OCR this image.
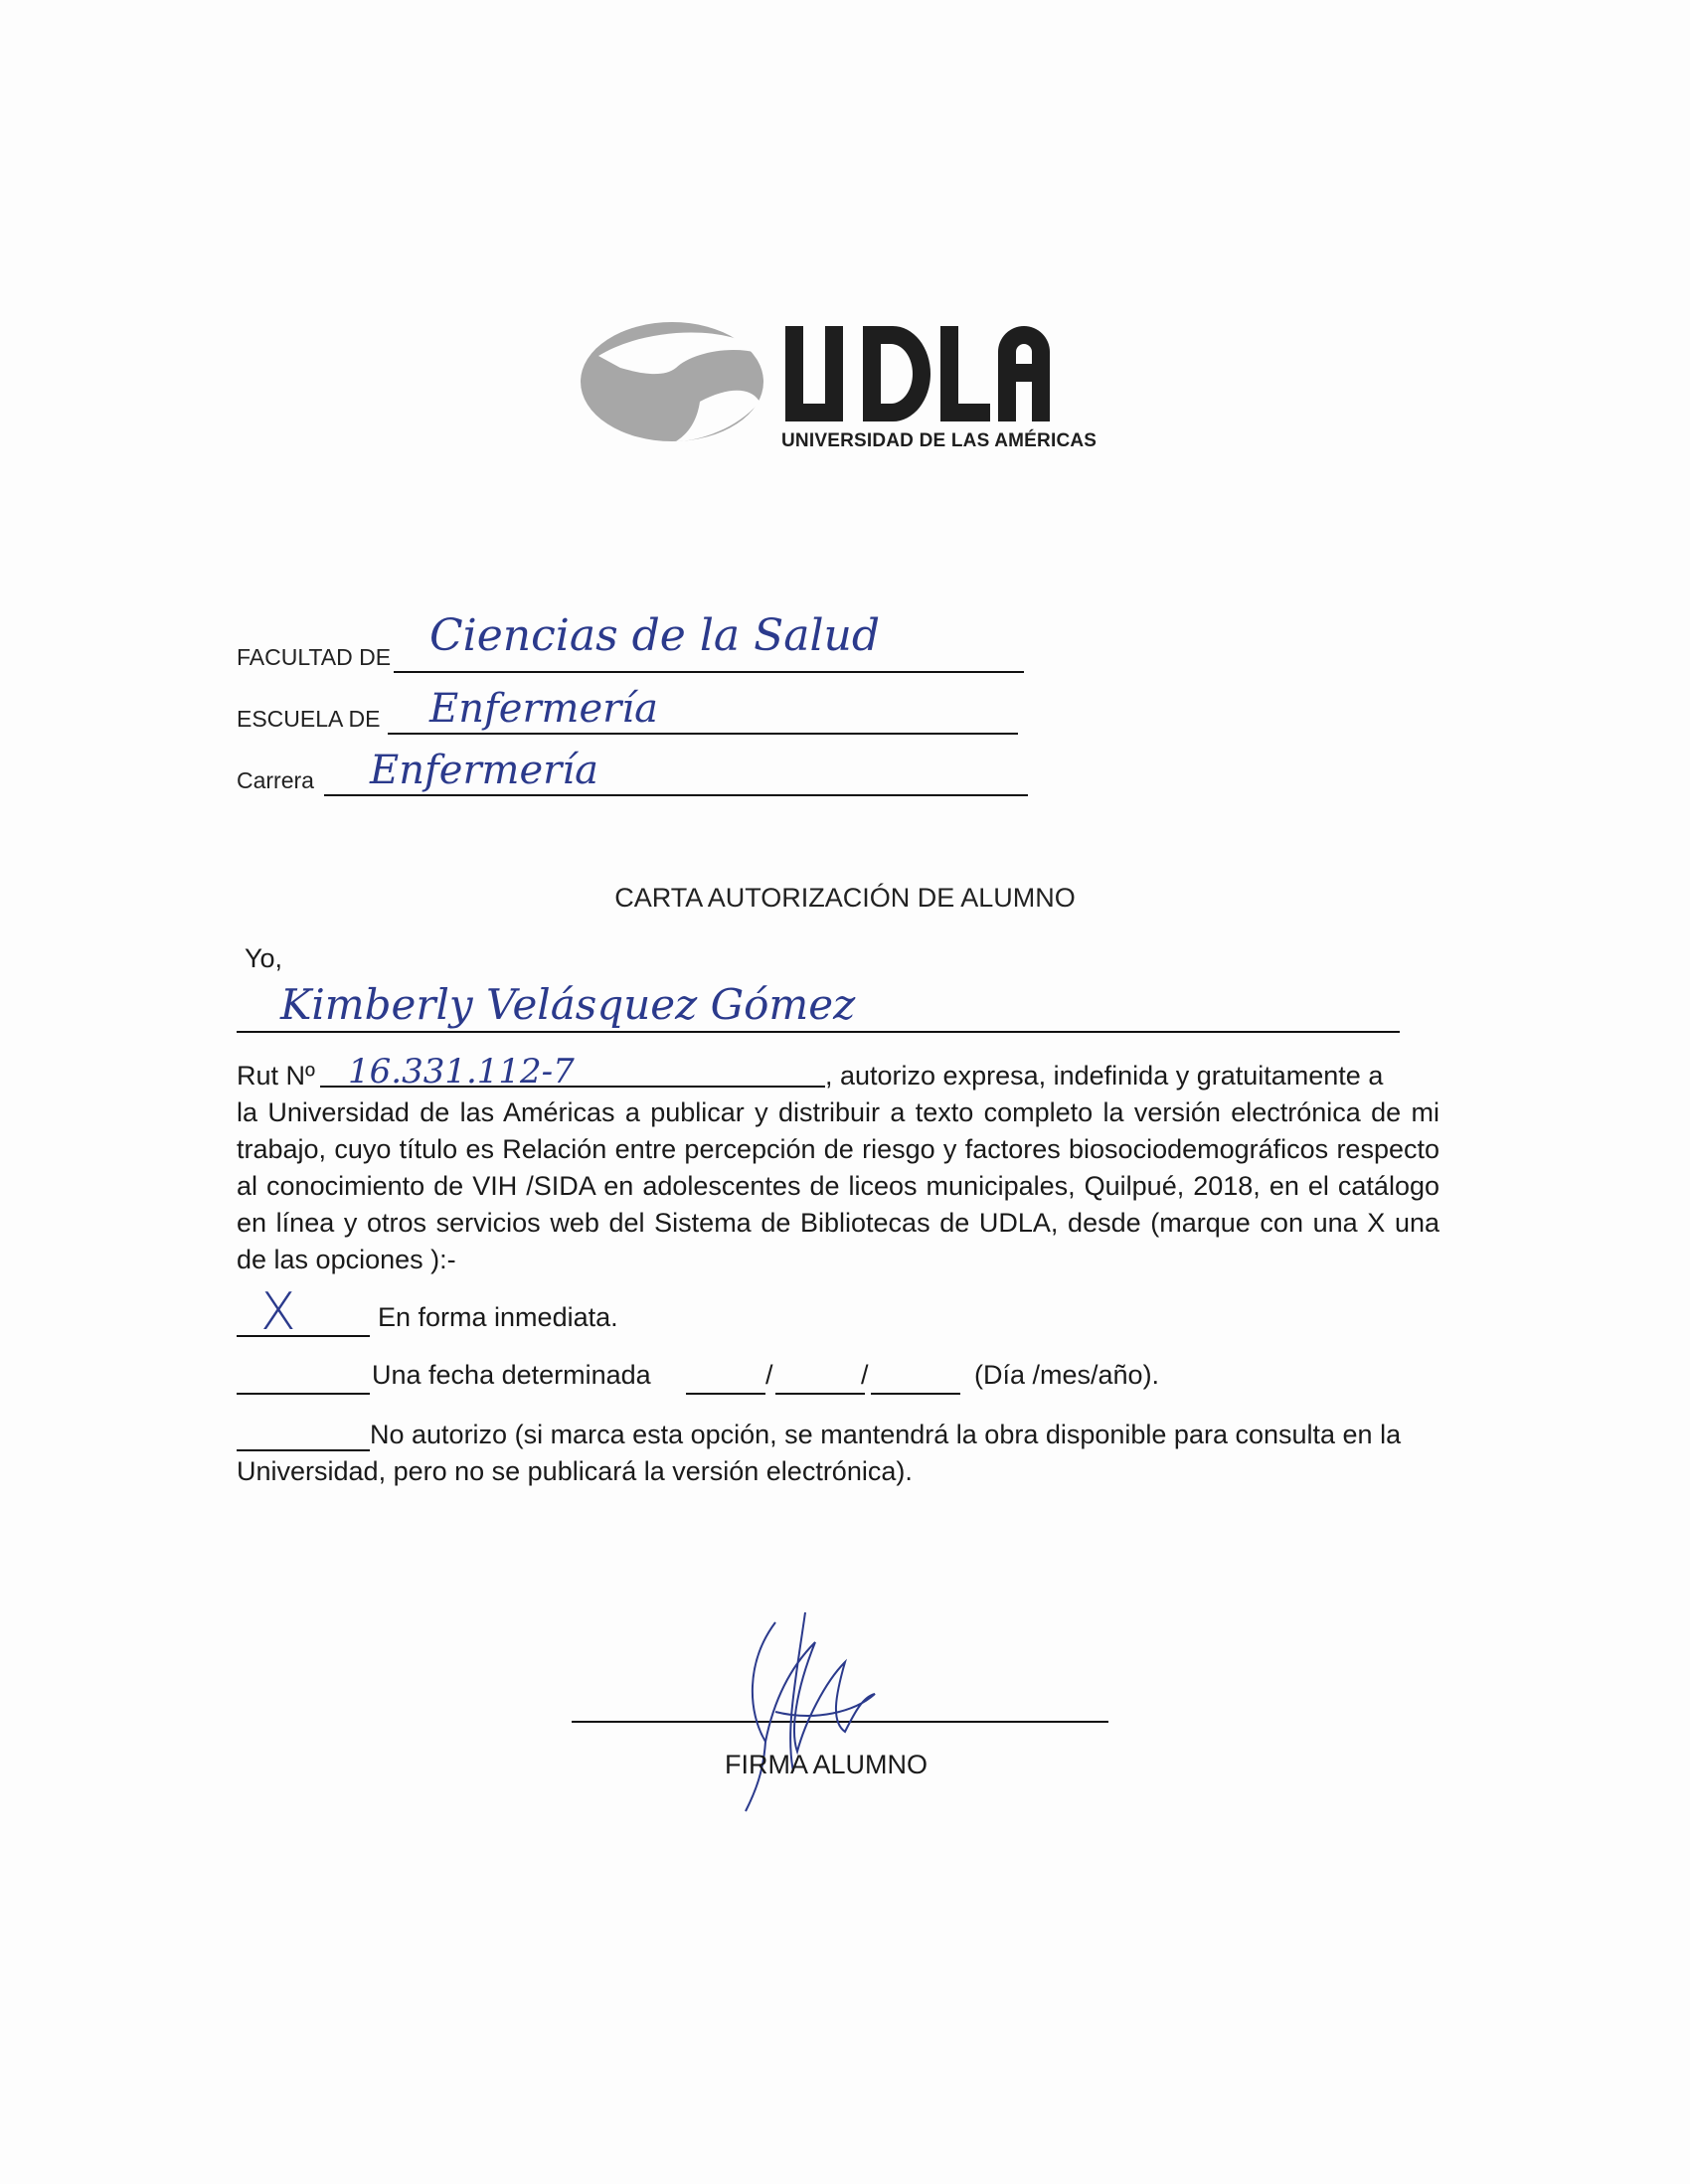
UNIVERSIDAD DE LAS AMÉRICAS
FACULTAD DE Ciencias de la Salud
ESCUELA DE Enfermería
Carrera Enfermería
CARTA AUTORIZACIÓN DE ALUMNO
Yo,
Kimberly Velásquez Gómez
Rut Nº 16.331.112-7	, autorizo expresa, indefinida y gratuitamente a
la Universidad de las Américas a publicar y distribuir a texto completo la versión electrónica de mi trabajo, cuyo título es Relación entre percepción de riesgo y factores biosociodemográficos respecto al conocimiento de VIH /SIDA en adolescentes de liceos municipales, Quilpué, 2018, en el catálogo en línea y otros servicios web del Sistema de Bibliotecas de UDLA, desde (marque con una X una de las opciones ):-
X	En forma inmediata.
Una fecha determinada	/	/	(Día /mes/año).
No autorizo (si marca esta opción, se mantendrá la obra disponible para consulta en la Universidad, pero no se publicará la versión electrónica).
FIRMA ALUMNO
